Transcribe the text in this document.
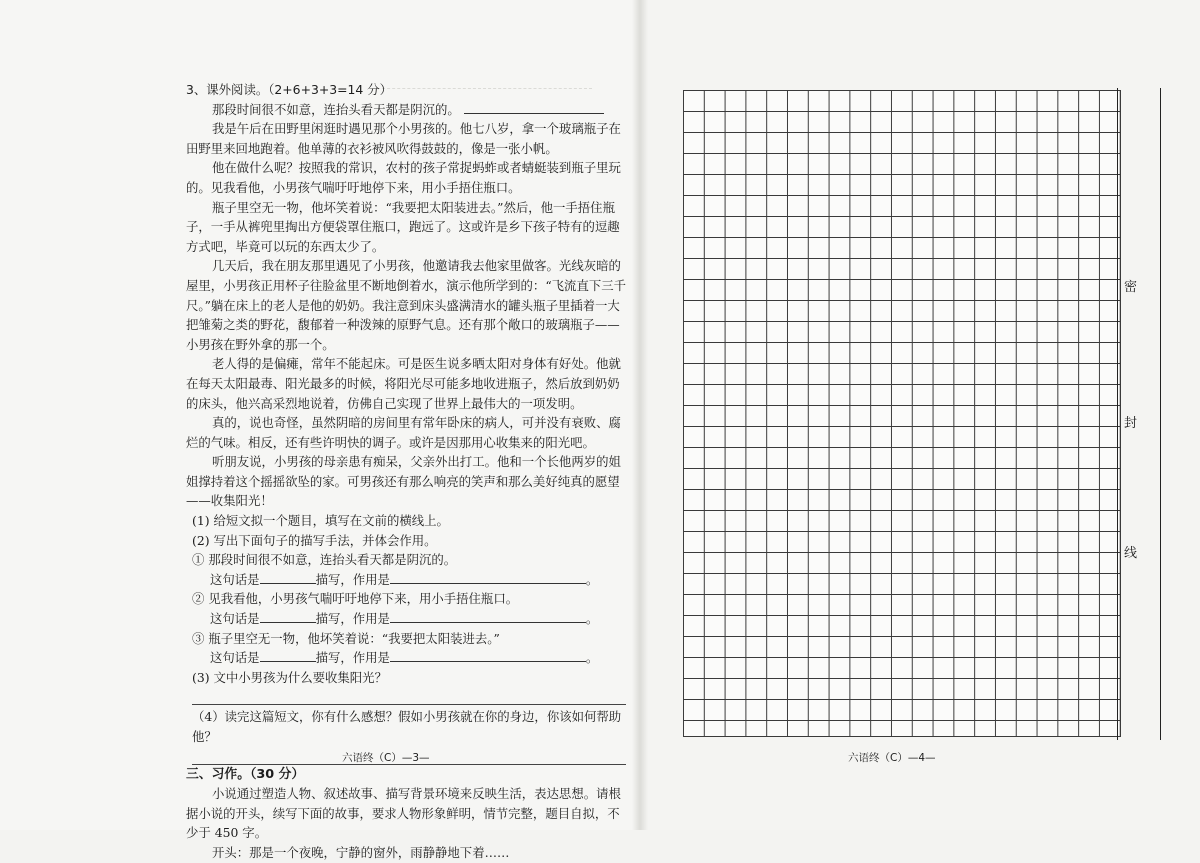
3、课外阅读。（2+6+3+3=14 分）

那段时间很不如意，连抬头看天都是阴沉的。

我是午后在田野里闲逛时遇见那个小男孩的。他七八岁，拿一个玻璃瓶子在田野里来回地跑着。他单薄的衣衫被风吹得鼓鼓的，像是一张小帆。

他在做什么呢？按照我的常识，农村的孩子常捉蚂蚱或者蜻蜓装到瓶子里玩的。见我看他，小男孩气喘吁吁地停下来，用小手捂住瓶口。

瓶子里空无一物，他坏笑着说：“我要把太阳装进去。”然后，他一手捂住瓶子，一手从裤兜里掏出方便袋罩住瓶口，跑远了。这或许是乡下孩子特有的逗趣方式吧，毕竟可以玩的东西太少了。

几天后，我在朋友那里遇见了小男孩，他邀请我去他家里做客。光线灰暗的屋里，小男孩正用杯子往脸盆里不断地倒着水，演示他所学到的：“飞流直下三千尺。”躺在床上的老人是他的奶奶。我注意到床头盛满清水的罐头瓶子里插着一大把雏菊之类的野花，馥郁着一种泼辣的原野气息。还有那个敞口的玻璃瓶子——小男孩在野外拿的那一个。

老人得的是偏瘫，常年不能起床。可是医生说多晒太阳对身体有好处。他就在每天太阳最毒、阳光最多的时候，将阳光尽可能多地收进瓶子，然后放到奶奶的床头，他兴高采烈地说着，仿佛自己实现了世界上最伟大的一项发明。

真的，说也奇怪，虽然阴暗的房间里有常年卧床的病人，可并没有衰败、腐烂的气味。相反，还有些许明快的调子。或许是因那用心收集来的阳光吧。

听朋友说，小男孩的母亲患有痴呆，父亲外出打工。他和一个长他两岁的姐姐撑持着这个摇摇欲坠的家。可男孩还有那么响亮的笑声和那么美好纯真的愿望——收集阳光！

(1) 给短文拟一个题目，填写在文前的横线上。

(2) 写出下面句子的描写手法，并体会作用。

① 那段时间很不如意，连抬头看天都是阴沉的。

这句话是	描写，作用是	。

② 见我看他，小男孩气喘吁吁地停下来，用小手捂住瓶口。

这句话是	描写，作用是	。

③ 瓶子里空无一物，他坏笑着说：“我要把太阳装进去。”

这句话是	描写，作用是	。

(3) 文中小男孩为什么要收集阳光？

（4）读完这篇短文，你有什么感想？假如小男孩就在你的身边，你该如何帮助他？

三、习作。（30 分）

小说通过塑造人物、叙述故事、描写背景环境来反映生活，表达思想。请根据小说的开头，续写下面的故事，要求人物形象鲜明，情节完整，题目自拟，不少于 450 字。

开头：那是一个夜晚，宁静的窗外，雨静静地下着……

六语终（C）—3—
密
封
线
六语终（C）—4—
